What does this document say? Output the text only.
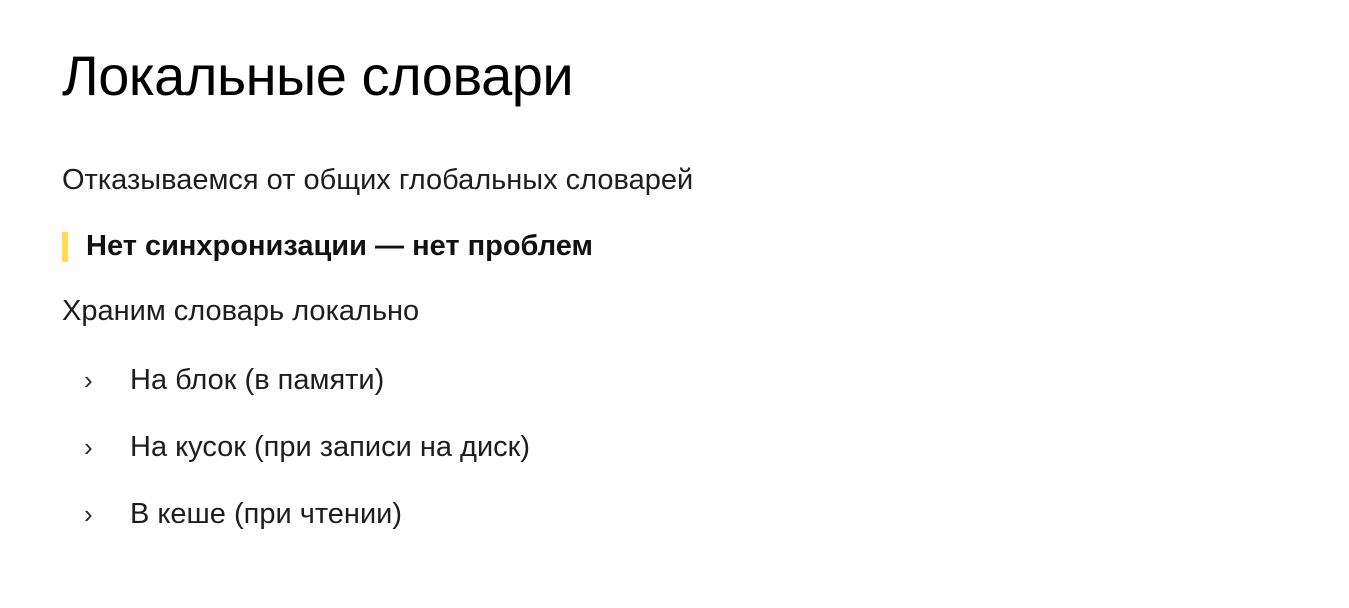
Локальные словари
Отказываемся от общих глобальных словарей
Нет синхронизации — нет проблем
Храним словарь локально
›	На блок (в памяти)
›	На кусок (при записи на диск)
›	В кеше (при чтении)
